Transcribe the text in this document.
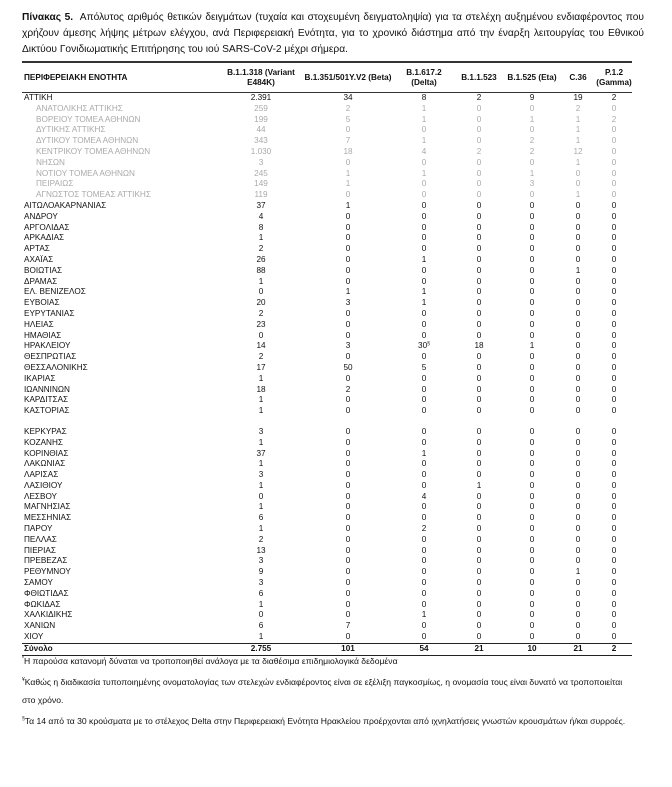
Πίνακας 5. Απόλυτος αριθμός θετικών δειγμάτων (τυχαία και στοχευμένη δειγματοληψία) για τα στελέχη αυξημένου ενδιαφέροντος που χρήζουν άμεσης λήψης μέτρων ελέγχου, ανά Περιφερειακή Ενότητα, για το χρονικό διάστημα από την έναρξη λειτουργίας του Εθνικού Δικτύου Γονιδιωματικής Επιτήρησης του ιού SARS-CoV-2 μέχρι σήμερα.
ΠΕΡΙΦΕΡΕΙΑΚΗ ΕΝΟΤΗΤΑ	B.1.1.318 (Variant E484K)	B.1.351/501Y.V2 (Beta)	B.1.617.2 (Delta)	B.1.1.523	B.1.525 (Eta)	C.36	P.1.2 (Gamma)
ΑΤΤΙΚΗ	2.391	34	8	2	9	19	2
ΑΝΑΤΟΛΙΚΗΣ ΑΤΤΙΚΗΣ	259	2	1	0	0	2	0
ΒΟΡΕΙΟΥ ΤΟΜΕΑ ΑΘΗΝΩΝ	199	5	1	0	1	1	2
ΔΥΤΙΚΗΣ ΑΤΤΙΚΗΣ	44	0	0	0	0	1	0
ΔΥΤΙΚΟΥ ΤΟΜΕΑ ΑΘΗΝΩΝ	343	7	1	0	2	1	0
ΚΕΝΤΡΙΚΟΥ ΤΟΜΕΑ ΑΘΗΝΩΝ	1.030	18	4	2	2	12	0
ΝΗΣΩΝ	3	0	0	0	0	1	0
ΝΟΤΙΟΥ ΤΟΜΕΑ ΑΘΗΝΩΝ	245	1	1	0	1	0	0
ΠΕΙΡΑΙΩΣ	149	1	0	0	3	0	0
ΑΓΝΩΣΤΟΣ ΤΟΜΕΑΣ ΑΤΤΙΚΗΣ	119	0	0	0	0	1	0
ΑΙΤΩΛΟΑΚΑΡΝΑΝΙΑΣ	37	1	0	0	0	0	0
ΑΝΔΡΟΥ	4	0	0	0	0	0	0
ΑΡΓΟΛΙΔΑΣ	8	0	0	0	0	0	0
ΑΡΚΑΔΙΑΣ	1	0	0	0	0	0	0
ΑΡΤΑΣ	2	0	0	0	0	0	0
ΑΧΑΪΑΣ	26	0	1	0	0	0	0
ΒΟΙΩΤΙΑΣ	88	0	0	0	0	1	0
ΔΡΑΜΑΣ	1	0	0	0	0	0	0
ΕΛ. ΒΕΝΙΖΕΛΟΣ	0	1	1	0	0	0	0
ΕΥΒΟΙΑΣ	20	3	1	0	0	0	0
ΕΥΡΥΤΑΝΙΑΣ	2	0	0	0	0	0	0
ΗΛΕΙΑΣ	23	0	0	0	0	0	0
ΗΜΑΘΙΑΣ	0	0	0	0	0	0	0
ΗΡΑΚΛΕΙΟΥ	14	3	30§	18	1	0	0
ΘΕΣΠΡΩΤΙΑΣ	2	0	0	0	0	0	0
ΘΕΣΣΑΛΟΝΙΚΗΣ	17	50	5	0	0	0	0
ΙΚΑΡΙΑΣ	1	0	0	0	0	0	0
ΙΩΑΝΝΙΝΩΝ	18	2	0	0	0	0	0
ΚΑΡΔΙΤΣΑΣ	1	0	0	0	0	0	0
ΚΑΣΤΟΡΙΑΣ	1	0	0	0	0	0	0

ΚΕΡΚΥΡΑΣ	3	0	0	0	0	0	0
ΚΟΖΑΝΗΣ	1	0	0	0	0	0	0
ΚΟΡΙΝΘΙΑΣ	37	0	1	0	0	0	0
ΛΑΚΩΝΙΑΣ	1	0	0	0	0	0	0
ΛΑΡΙΣΑΣ	3	0	0	0	0	0	0
ΛΑΣΙΘΙΟΥ	1	0	0	1	0	0	0
ΛΕΣΒΟΥ	0	0	4	0	0	0	0
ΜΑΓΝΗΣΙΑΣ	1	0	0	0	0	0	0
ΜΕΣΣΗΝΙΑΣ	6	0	0	0	0	0	0
ΠΑΡΟΥ	1	0	2	0	0	0	0
ΠΕΛΛΑΣ	2	0	0	0	0	0	0
ΠΙΕΡΙΑΣ	13	0	0	0	0	0	0
ΠΡΕΒΕΖΑΣ	3	0	0	0	0	0	0
ΡΕΘΥΜΝΟΥ	9	0	0	0	0	1	0
ΣΑΜΟΥ	3	0	0	0	0	0	0
ΦΘΙΩΤΙΔΑΣ	6	0	0	0	0	0	0
ΦΩΚΙΔΑΣ	1	0	0	0	0	0	0
ΧΑΛΚΙΔΙΚΗΣ	0	0	1	0	0	0	0
ΧΑΝΙΩΝ	6	7	0	0	0	0	0
ΧΙΟΥ	1	0	0	0	0	0	0
Σύνολο	2.755	101	54	21	10	21	2

*Η παρούσα κατανομή δύναται να τροποποιηθεί ανάλογα με τα διαθέσιμα επιδημιολογικά δεδομένα

¥Καθώς η διαδικασία τυποποιημένης ονοματολογίας των στελεχών ενδιαφέροντος είναι σε εξέλιξη παγκοσμίως, η ονομασία τους είναι δυνατό να τροποποιείται

στο χρόνο.

§Τα 14 από τα 30 κρούσματα με το στέλεχος Delta στην Περιφερειακή Ενότητα Ηρακλείου προέρχονται από ιχνηλατήσεις γνωστών κρουσμάτων ή/και συρροές.
